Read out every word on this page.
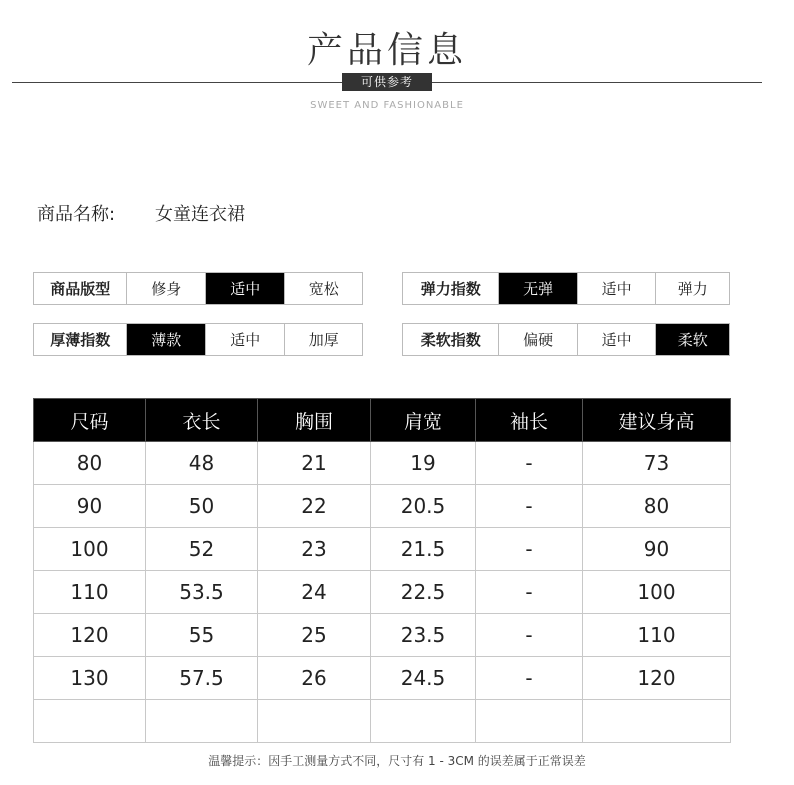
产品信息
可供参考
SWEET AND FASHIONABLE
商品名称: 女童连衣裙
商品版型	修身	适中	宽松	弹力指数	无弹	适中	弹力
厚薄指数	薄款	适中	加厚	柔软指数	偏硬	适中	柔软
尺码	衣长	胸围	肩宽	袖长	建议身高
80	48	21	19	-	73
90	50	22	20.5	-	80
100	52	23	21.5	-	90
110	53.5	24	22.5	-	100
120	55	25	23.5	-	110
130	57.5	26	24.5	-	120

温馨提示：因手工测量方式不同，尺寸有 1 - 3CM 的误差属于正常误差
